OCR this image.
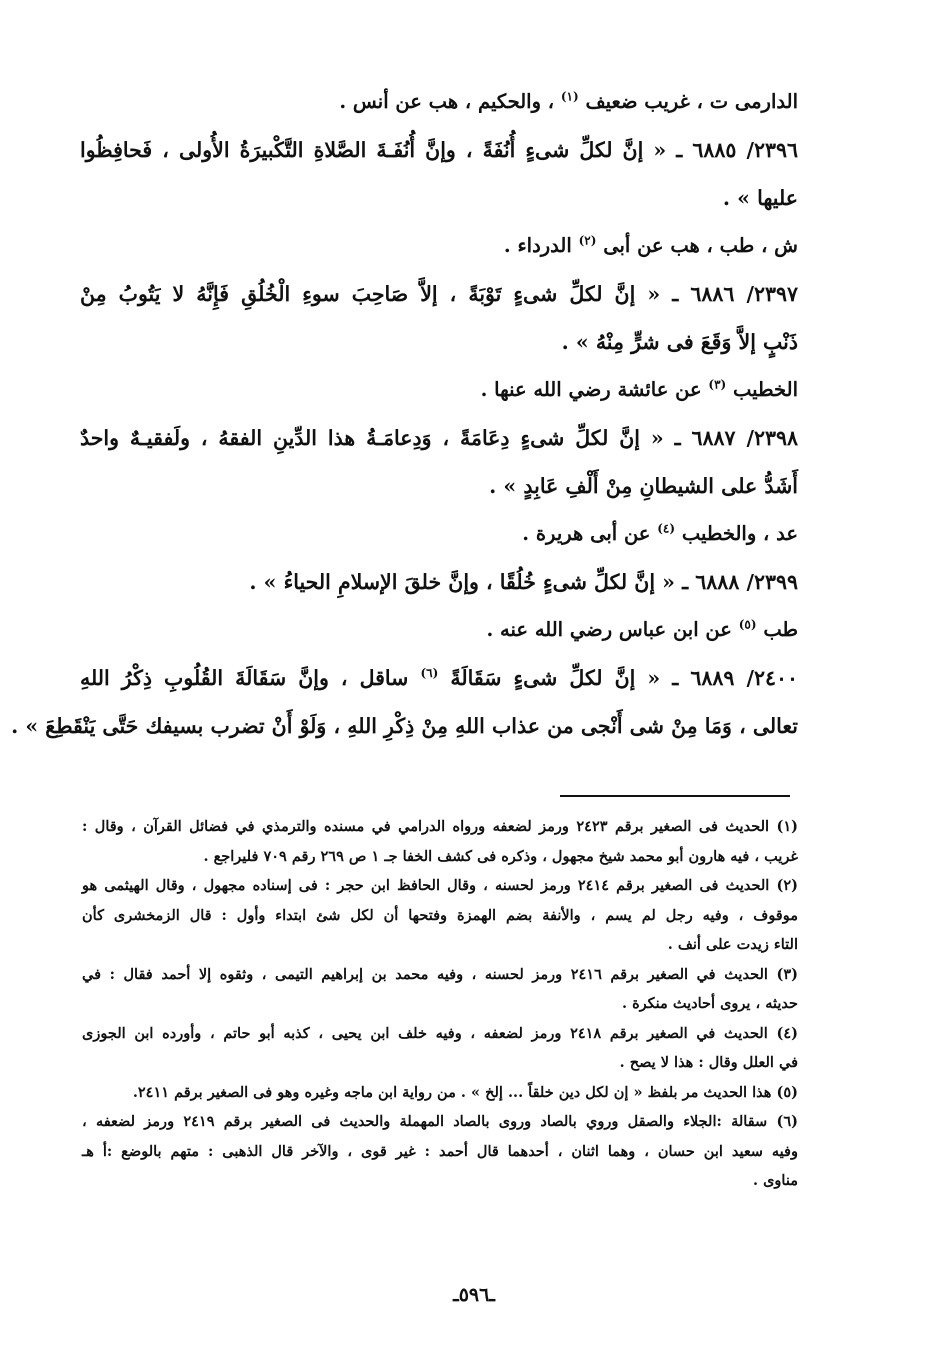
الدارمى ت ، غريب ضعيف $^{(١)}$ ، والحكيم ، هب عن أنس .
٢٣٩٦/ ٦٨٨٥ ـ « إنَّ لكلِّ شىءٍ أُنُفَةً ، وإنَّ أُنُفَـةَ الصَّلاةِ التَّكْبيرَةُ الأُولى ، فَحافِظُوا
عليها » .
ش ، طب ، هب عن أبى $^{(٢)}$ الدرداء .
٢٣٩٧/ ٦٨٨٦ ـ « إنَّ لكلِّ شىءٍ تَوْبَةً ، إلاَّ صَاحِبَ سوءِ الْخُلُقِ فَإِنَّهُ لا يَتُوبُ مِنْ
ذَنْبٍ إلاَّ وَقَعَ فى شرٍّ مِنْهُ » .
الخطيب $^{(٣)}$ عن عائشة رضي الله عنها .
٢٣٩٨/ ٦٨٨٧ ـ « إنَّ لكلِّ شىءٍ دِعَامَةً ، وَدِعامَـةُ هذا الدِّينِ الفقهُ ، ولَفقيـهٌ واحدٌ
أَشَدُّ على الشيطانِ مِنْ أَلْفِ عَابِدٍ » .
عد ، والخطيب $^{(٤)}$ عن أبى هريرة .
٢٣٩٩/ ٦٨٨٨ ـ « إنَّ لكلِّ شىءٍ خُلُقًا ، وإنَّ خلقَ الإسلامِ الحياءُ » .
طب $^{(٥)}$ عن ابن عباس رضي الله عنه .
٢٤٠٠/ ٦٨٨٩ ـ « إنَّ لكلِّ شىءٍ سَقَالَةً $^{(٦)}$ ساقل ، وإنَّ سَقَالَةَ القُلُوبِ ذِكْرُ اللهِ
تعالى ، وَمَا مِنْ شى أَنْجى من عذاب اللهِ مِنْ ذِكْرِ اللهِ ، وَلَوْ أَنْ تضرب بسيفك حَتَّى يَنْقَطِعَ » .
(١) الحديث فى الصغير برقم ٢٤٢٣ ورمز لضعفه ورواه الدرامي في مسنده والترمذي في فضائل القرآن ، وقال :
غريب ، فيه هارون أبو محمد شيخ مجهول ، وذكره فى كشف الخفا جـ ١ ص ٢٦٩ رقم ٧٠٩ فليراجع .
(٢) الحديث فى الصغير برقم ٢٤١٤ ورمز لحسنه ، وقال الحافظ ابن حجر : فى إسناده مجهول ، وقال الهيثمى هو
موقوف ، وفيه رجل لم يسم ، والأنفة بضم الهمزة وفتحها أن لكل شئ ابتداء وأول : قال الزمخشرى كأن
التاء زيدت على أنف .
(٣) الحديث في الصغير برقم ٢٤١٦ ورمز لحسنه ، وفيه محمد بن إبراهيم التيمى ، وثقوه إلا أحمد فقال : في
حديثه ، يروى أحاديث منكرة .
(٤) الحديث في الصغير برقم ٢٤١٨ ورمز لضعفه ، وفيه خلف ابن يحيى ، كذبه أبو حاتم ، وأورده ابن الجوزى
في العلل وقال : هذا لا يصح .
(٥) هذا الحديث مر بلفظ « إن لكل دين خلقاً ... إلخ » . من رواية ابن ماجه وغيره وهو فى الصغير برقم ٢٤١١.
(٦) سقالة :الجلاء والصقل وروي بالصاد وروى بالصاد المهملة والحديث فى الصغير برقم ٢٤١٩ ورمز لضعفه ،
وفيه سعيد ابن حسان ، وهما اثنان ، أحدهما قال أحمد : غير قوى ، والآخر قال الذهبى : متهم بالوضع :أ هـ
مناوى .
ـ٥٩٦ـ
